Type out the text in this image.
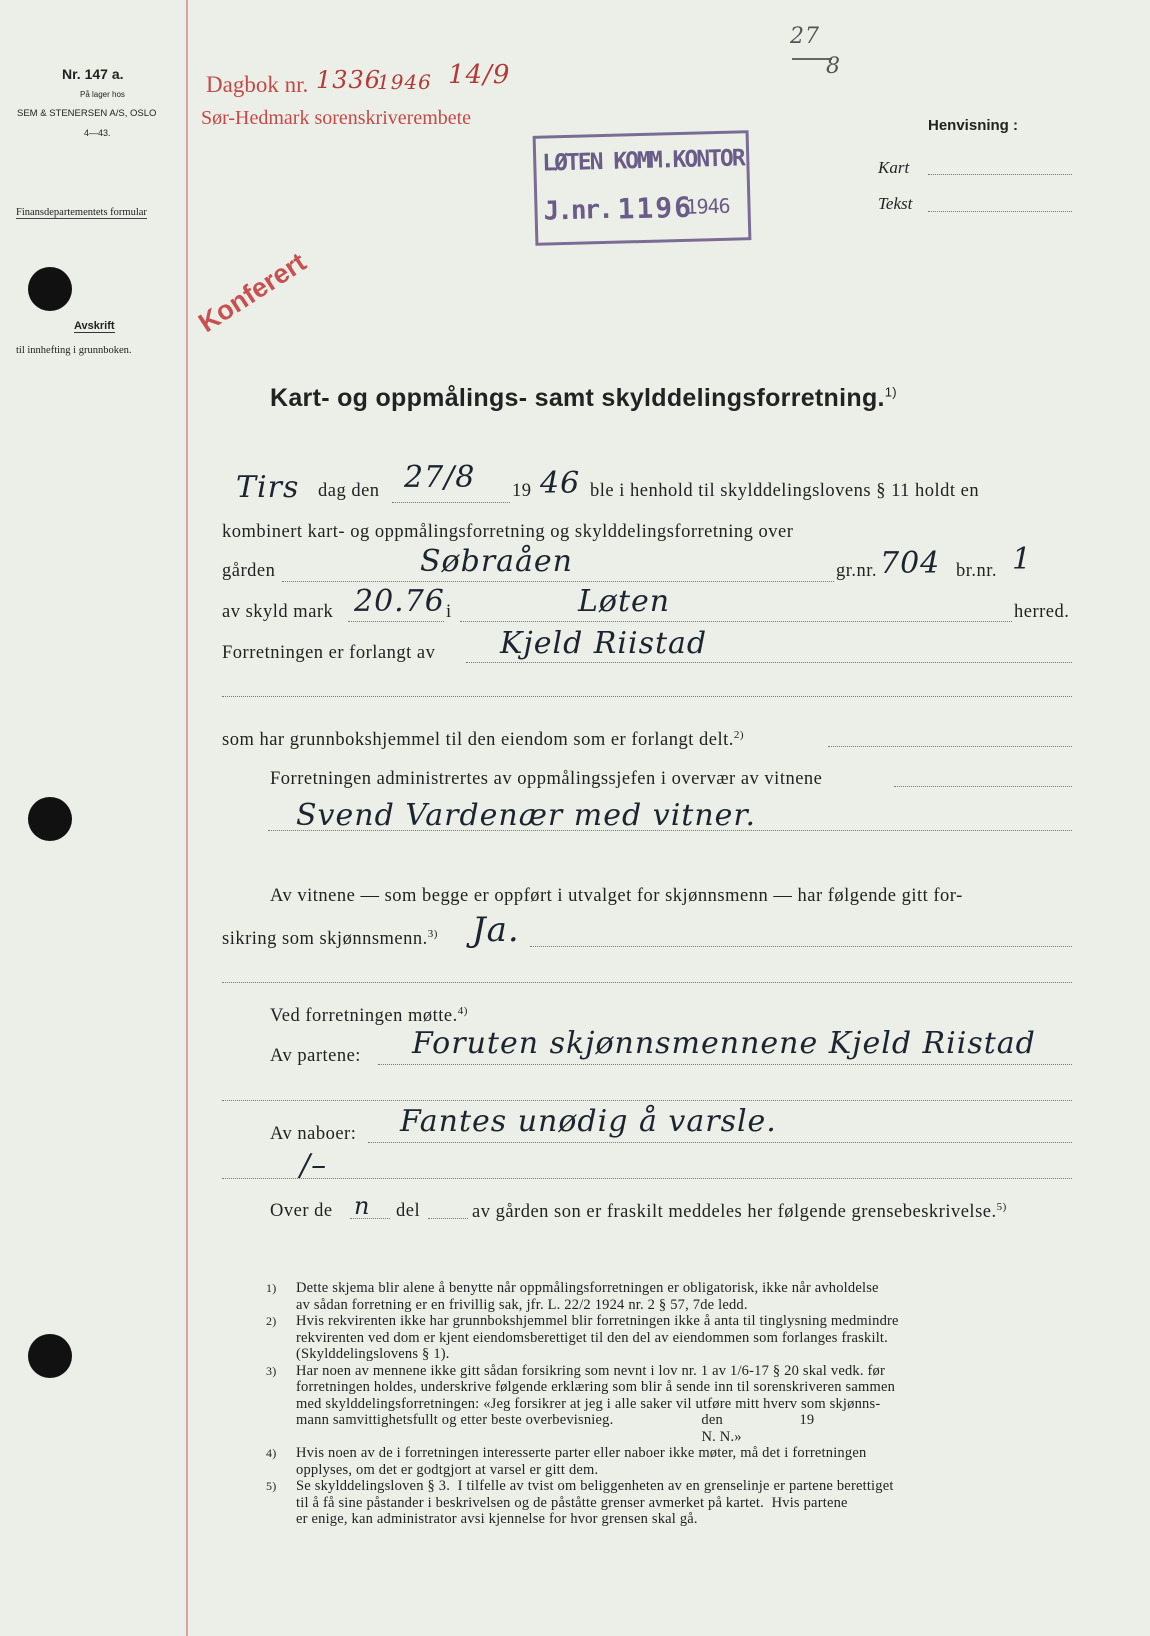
Nr. 147 a.
På lager hos
SEM & STENERSEN A/S, OSLO
4—43.
Finansdepartementets formular
Avskrift
til innhefting i grunnboken.
Dagbok nr. 1336
1946 14/9
Sør-Hedmark sorenskriverembete
27
8
Henvisning :
Kart
Tekst
LØTEN KOMM.KONTOR
J.nr. 1196
1946
Konferert
Kart- og oppmålings- samt skylddelingsforretning.$^{1)}$
Tirs dag den 27/8 19 46 ble i henhold til skylddelingslovens § 11 holdt en
kombinert kart- og oppmålingsforretning og skylddelingsforretning over
gården	Søbraåen	gr.nr. 704 br.nr. 1
av skyld mark 20.76 i	Løten	herred.
Forretningen er forlangt av Kjeld Riistad
som har grunnbokshjemmel til den eiendom som er forlangt delt.$^{2)}$
Forretningen administrertes av oppmålingssjefen i overvær av vitnene
Svend Vardenær med vitner.
Av vitnene — som begge er oppført i utvalget for skjønnsmenn — har følgende gitt for-
sikring som skjønnsmenn.$^{3)}$ Ja.
Ved forretningen møtte.$^{4)}$
Av partene: Foruten skjønnsmennene Kjeld Riistad
Av naboer: Fantes unødig å varsle.
/–
Over de n del	av gården son er fraskilt meddeles her følgende grensebeskrivelse.$^{5)}$
1) Dette skjema blir alene å benytte når oppmålingsforretningen er obligatorisk, ikke når avholdelse
av sådan forretning er en frivillig sak, jfr. L. 22/2 1924 nr. 2 § 57, 7de ledd.
2) Hvis rekvirenten ikke har grunnbokshjemmel blir forretningen ikke å anta til tinglysning medmindre
rekvirenten ved dom er kjent eiendomsberettiget til den del av eiendommen som forlanges fraskilt.
(Skylddelingslovens § 1).
3) Har noen av mennene ikke gitt sådan forsikring som nevnt i lov nr. 1 av 1/6-17 § 20 skal vedk. før
forretningen holdes, underskrive følgende erklæring som blir å sende inn til sorenskriveren sammen
med skylddelingsforretningen: «Jeg forsikrer at jeg i alle saker vil utføre mitt hverv som skjønns-
mann samvittighetsfullt og etter beste overbevisnieg.                       den                    19
N. N.»
4) Hvis noen av de i forretningen interesserte parter eller naboer ikke møter, må det i forretningen
opplyses, om det er godtgjort at varsel er gitt dem.
5) Se skylddelingsloven § 3.  I tilfelle av tvist om beliggenheten av en grenselinje er partene berettiget
til å få sine påstander i beskrivelsen og de påståtte grenser avmerket på kartet.  Hvis partene
er enige, kan administrator avsi kjennelse for hvor grensen skal gå.
